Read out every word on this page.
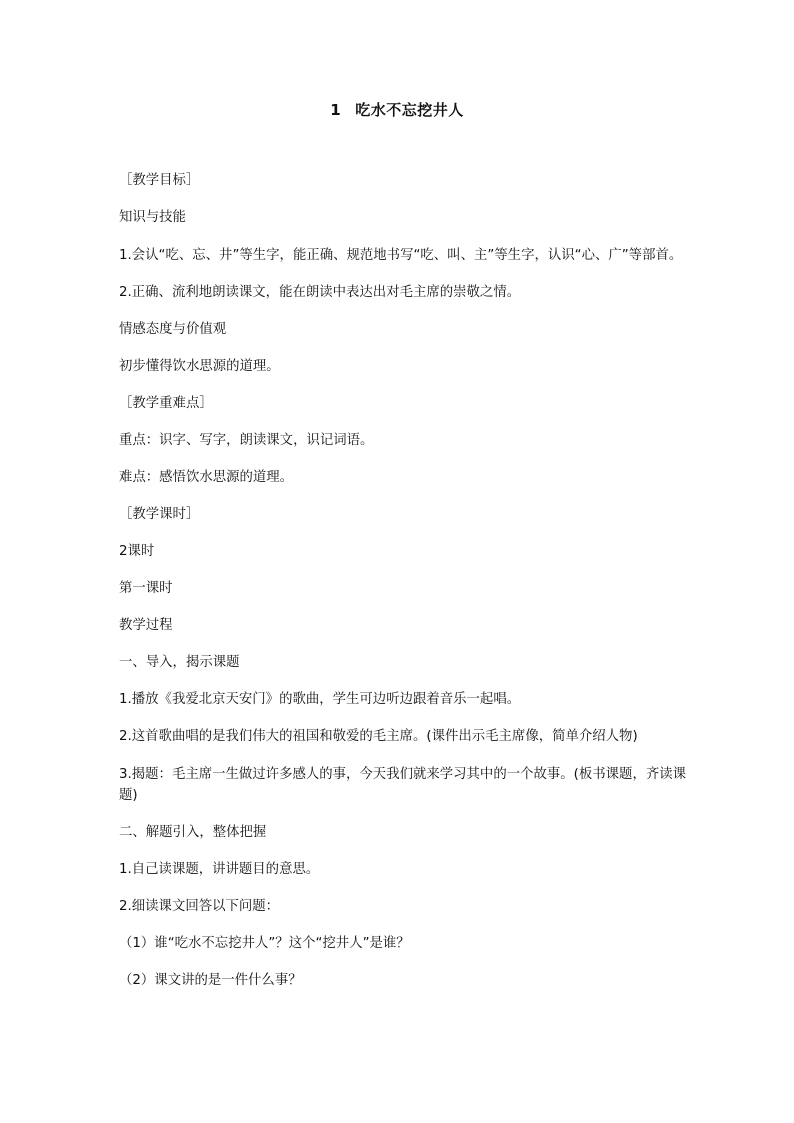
1 吃水不忘挖井人

［教学目标］

知识与技能

1.会认“吃、忘、井”等生字，能正确、规范地书写“吃、叫、主”等生字，认识“心、广”等部首。

2.正确、流利地朗读课文，能在朗读中表达出对毛主席的崇敬之情。

情感态度与价值观

初步懂得饮水思源的道理。

［教学重难点］

重点：识字、写字，朗读课文，识记词语。

难点：感悟饮水思源的道理。

［教学课时］

2课时

第一课时

教学过程

一、导入，揭示课题

1.播放《我爱北京天安门》的歌曲，学生可边听边跟着音乐一起唱。

2.这首歌曲唱的是我们伟大的祖国和敬爱的毛主席。(课件出示毛主席像，简单介绍人物)

3.揭题：毛主席一生做过许多感人的事，今天我们就来学习其中的一个故事。(板书课题，齐读课题)

二、解题引入，整体把握

1.自己读课题，讲讲题目的意思。

2.细读课文回答以下问题：

（1）谁“吃水不忘挖井人”？这个“挖井人”是谁？

（2）课文讲的是一件什么事？
